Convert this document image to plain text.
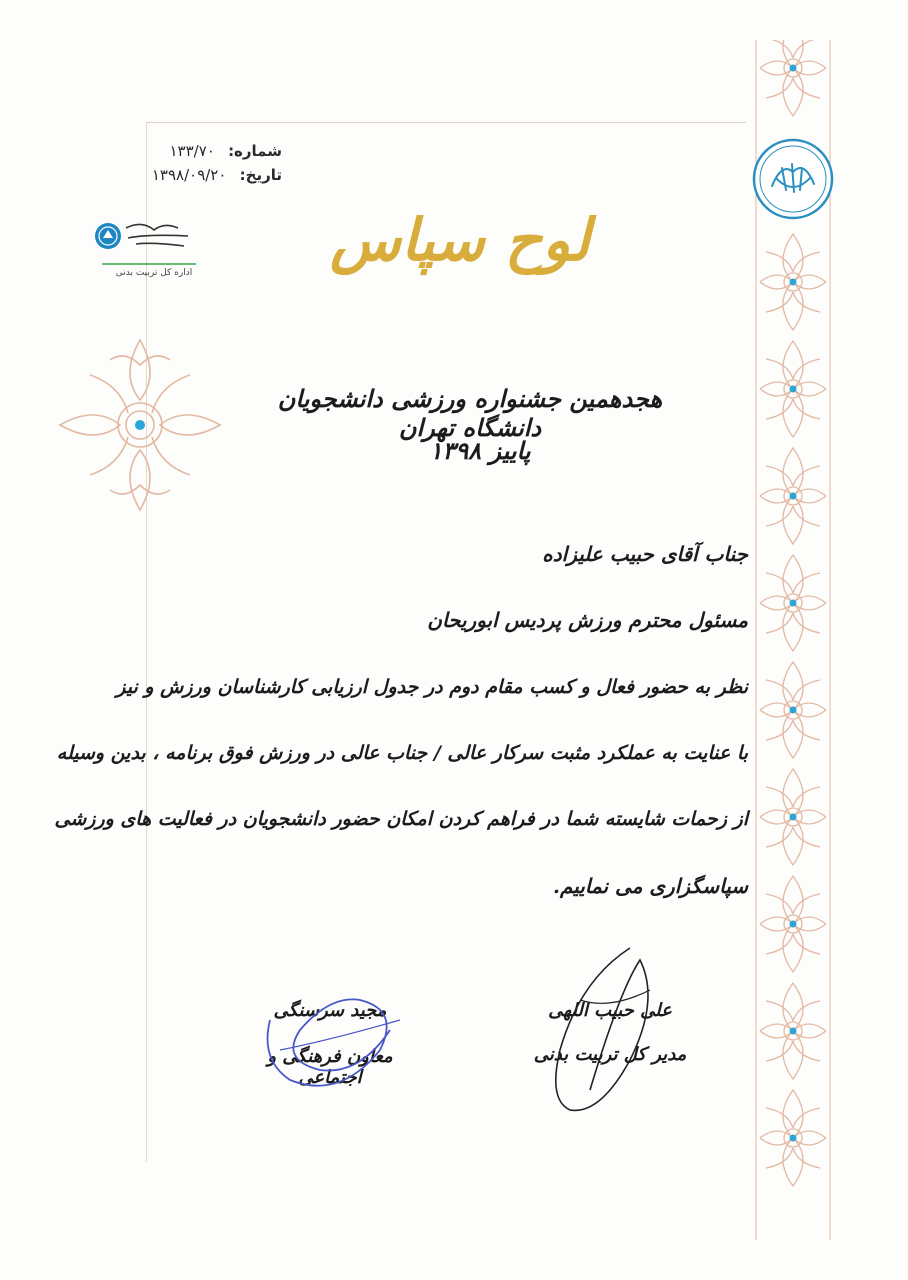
شماره: ۱۳۳/۷۰
تاریخ: ۱۳۹۸/۰۹/۲۰
اداره کل تربیت بدنی	لوح سپاس
هجدهمین جشنواره ورزشی دانشجویان دانشگاه تهران
پاییز ۱۳۹۸
جناب آقای حبیب علیزاده
مسئول محترم ورزش پردیس ابوریحان
نظر به حضور فعال و کسب مقام دوم در جدول ارزیابی کارشناسان ورزش و نیز
با عنایت به عملکرد مثبت سرکار عالی / جناب عالی در ورزش فوق برنامه ، بدین وسیله
از زحمات شایسته شما در فراهم کردن امکان حضور دانشجویان در فعالیت های ورزشی
سپاسگزاری می نماییم.
علی حبیب اللهی
مدیر کل تربیت بدنی
مجید سرسنگی
معاون فرهنگی و اجتماعی
